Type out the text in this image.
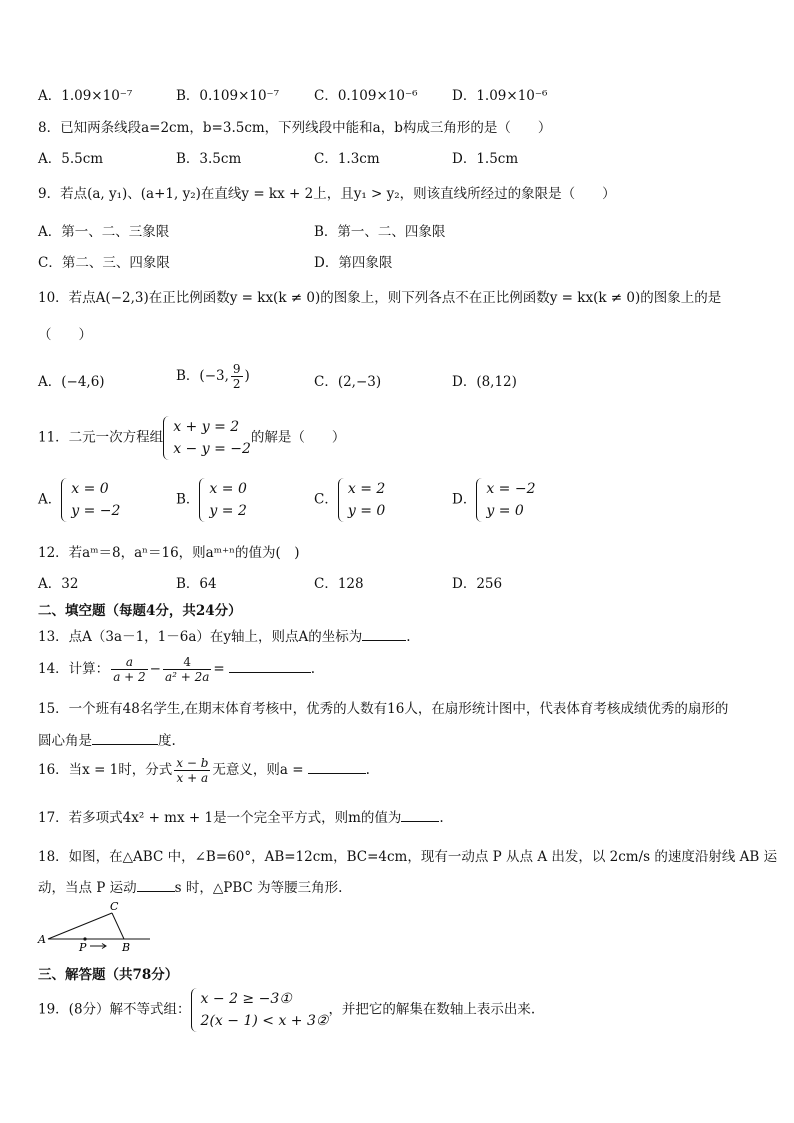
A．1.09×10⁻⁷	B．0.109×10⁻⁷	C．0.109×10⁻⁶	D．1.09×10⁻⁶
8．已知两条线段a=2cm，b=3.5cm，下列线段中能和a，b构成三角形的是（　　）
A．5.5cm	B．3.5cm	C．1.3cm	D．1.5cm
9．若点(a, y₁)、(a+1, y₂)在直线y = kx + 2上，且y₁ > y₂，则该直线所经过的象限是（　　）
A．第一、二、三象限	B．第一、二、四象限
C．第二、三、四象限	D．第四象限
10．若点A(−2,3)在正比例函数y = kx(k ≠ 0)的图象上，则下列各点不在正比例函数y = kx(k ≠ 0)的图象上的是
（　　）
A．(−4,6)	B．(−3, $\frac{9}{2}$ )	C．(2,−3)	D．(8,12)
11．二元一次方程组
x + y = 2
x − y = −2
的解是（　　）
A．
x = 0
y = −2
B．
x = 0
y = 2
C．
x = 2
y = 0
D．
x = −2
y = 0
12．若aᵐ＝8，aⁿ＝16，则aᵐ⁺ⁿ的值为(　)
A．32	B．64	C．128	D．256
二、填空题（每题4分，共24分）
13．点A（3a－1，1－6a）在y轴上，则点A的坐标为	.
14．计算： $\frac{a}{a + 2} - \frac{4}{\text{a² + 2a}}$ =	.
15．一个班有48名学生,在期末体育考核中，优秀的人数有16人，在扇形统计图中，代表体育考核成绩优秀的扇形的
圆心角是	度.
16．当x = 1时，分式 $\frac{x - b}{x + a}$ 无意义，则a =	.
17．若多项式4x² + mx + 1是一个完全平方式，则m的值为	.
18．如图，在△ABC 中，∠B=60°，AB=12cm，BC=4cm，现有一动点 P 从点 A 出发，以 2cm/s 的速度沿射线 AB 运
动，当点 P 运动	s 时，△PBC 为等腰三角形.
A
C
B
P
三、解答题（共78分）
19．(8分）解不等式组：
x − 2 ≥ −3①
2(x − 1) < x + 3②
，并把它的解集在数轴上表示出来.
